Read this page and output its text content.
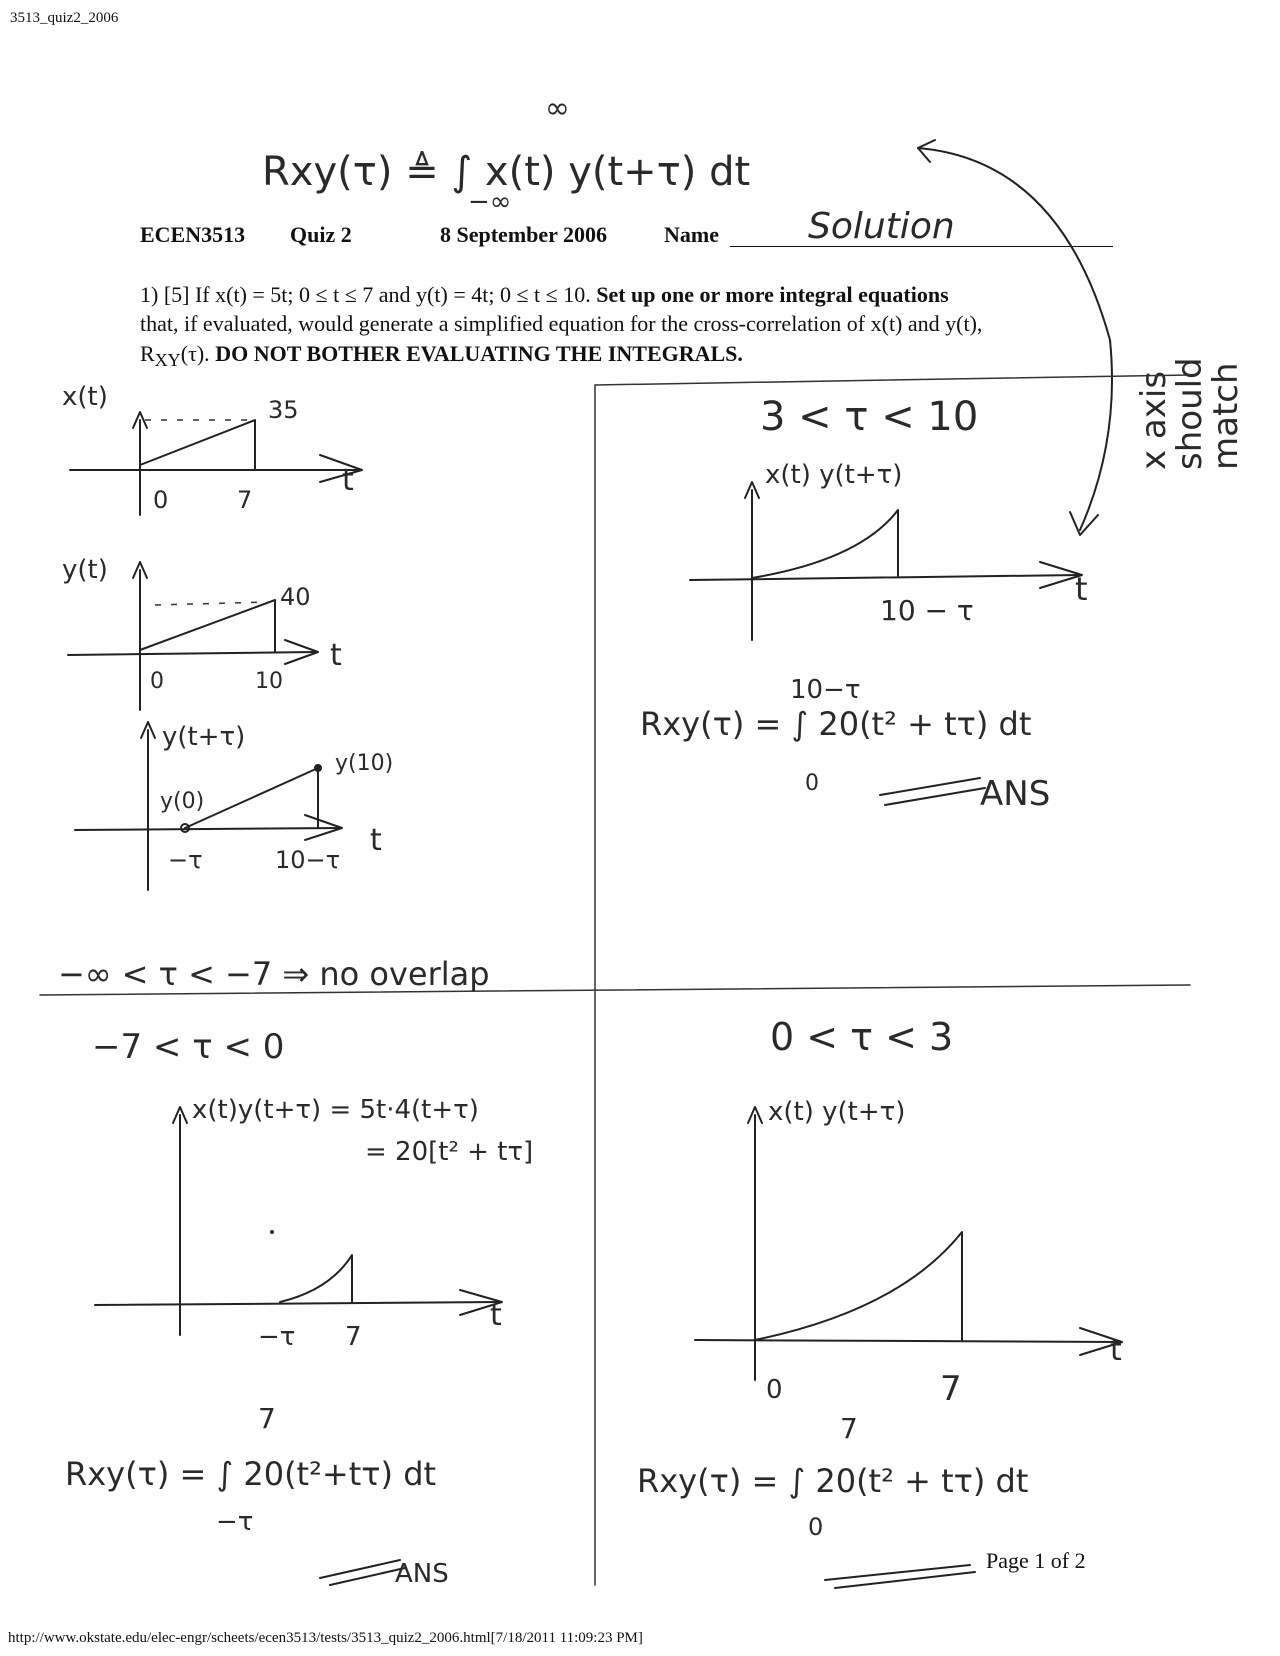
3513_quiz2_2006
ECEN3513 Quiz 2	8 September 2006	Name
1) [5] If x(t) = 5t; 0 ≤ t ≤ 7 and y(t) = 4t; 0 ≤ t ≤ 10. Set up one or more integral equations
that, if evaluated, would generate a simplified equation for the cross-correlation of x(t) and y(t),
$R_{XY}(\tau)$. DO NOT BOTHER EVALUATING THE INTEGRALS.
Rxy(τ) ≜ ∫ x(t) y(t+τ) dt
∞
−∞
Solution
x axis
should
match
x(t)	35
0	7
t
y(t)
40
0	10
t
y(t+τ)
y(10)
y(0)
−τ	10−τ
t
−∞ < τ < −7 ⇒ no overlap
−7 < τ < 0
x(t)y(t+τ) = 5t·4(t+τ)
= 20[t² + tτ]
−τ 7
t
Rxy(τ) = ∫ 20(t²+tτ) dt
7
−τ
ANS
0 < τ < 3
x(t) y(t+τ)
0	7
t
Rxy(τ) = ∫ 20(t² + tτ) dt
7
0
3 < τ < 10
x(t) y(t+τ)
10 − τ
t
Rxy(τ) = ∫ 20(t² + tτ) dt
10−τ
0	ANS
Page 1 of 2
http://www.okstate.edu/elec-engr/scheets/ecen3513/tests/3513_quiz2_2006.html[7/18/2011 11:09:23 PM]
